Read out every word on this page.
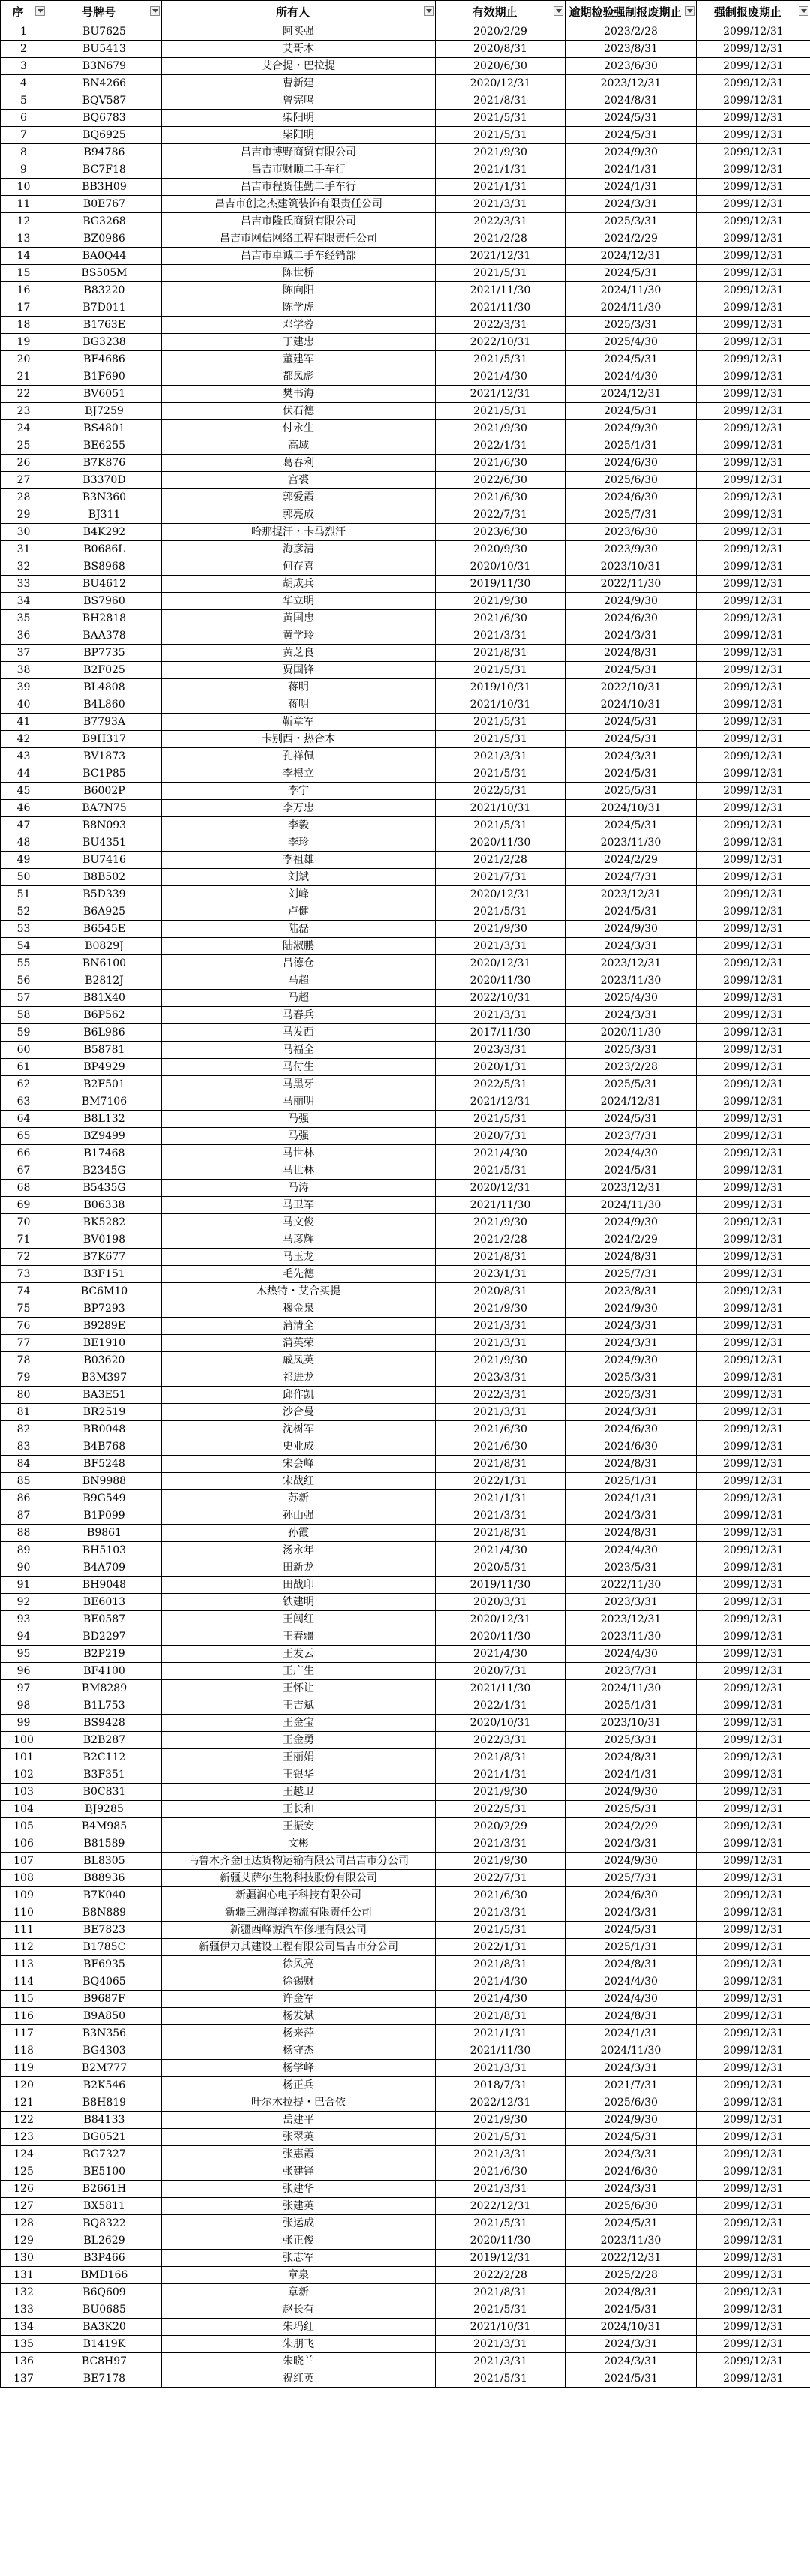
序	号牌号	所有人	有效期止	逾期检验强制报废期止	强制报废期止

1	BU7625	阿买强	2020/2/29	2023/2/28	2099/12/31
2	BU5413	艾哥木	2020/8/31	2023/8/31	2099/12/31
3	B3N679	艾合提・巴拉提	2020/6/30	2023/6/30	2099/12/31
4	BN4266	曹新建	2020/12/31	2023/12/31	2099/12/31
5	BQV587	曾宪鸣	2021/8/31	2024/8/31	2099/12/31
6	BQ6783	柴阳明	2021/5/31	2024/5/31	2099/12/31
7	BQ6925	柴阳明	2021/5/31	2024/5/31	2099/12/31
8	B94786	昌吉市博野商贸有限公司	2021/9/30	2024/9/30	2099/12/31
9	BC7F18	昌吉市财顺二手车行	2021/1/31	2024/1/31	2099/12/31
10	BB3H09	昌吉市程货佳勤二手车行	2021/1/31	2024/1/31	2099/12/31
11	B0E767	昌吉市创之杰建筑装饰有限责任公司	2021/3/31	2024/3/31	2099/12/31
12	BG3268	昌吉市隆氏商贸有限公司	2022/3/31	2025/3/31	2099/12/31
13	BZ0986	昌吉市网信网络工程有限责任公司	2021/2/28	2024/2/29	2099/12/31
14	BA0Q44	昌吉市卓诚二手车经销部	2021/12/31	2024/12/31	2099/12/31
15	BS505M	陈世桥	2021/5/31	2024/5/31	2099/12/31
16	B83220	陈向阳	2021/11/30	2024/11/30	2099/12/31
17	B7D011	陈学虎	2021/11/30	2024/11/30	2099/12/31
18	B1763E	邓学蓉	2022/3/31	2025/3/31	2099/12/31
19	BG3238	丁建忠	2022/10/31	2025/4/30	2099/12/31
20	BF4686	董建军	2021/5/31	2024/5/31	2099/12/31
21	B1F690	都凤彪	2021/4/30	2024/4/30	2099/12/31
22	BV6051	樊书海	2021/12/31	2024/12/31	2099/12/31
23	BJ7259	伏石德	2021/5/31	2024/5/31	2099/12/31
24	BS4801	付永生	2021/9/30	2024/9/30	2099/12/31
25	BE6255	高域	2022/1/31	2025/1/31	2099/12/31
26	B7K876	葛春利	2021/6/30	2024/6/30	2099/12/31
27	B3370D	宫裘	2022/6/30	2025/6/30	2099/12/31
28	B3N360	郭爱霞	2021/6/30	2024/6/30	2099/12/31
29	BJ311	郭亮成	2022/7/31	2025/7/31	2099/12/31
30	B4K292	哈那提汗・卡马烈汗	2023/6/30	2023/6/30	2099/12/31
31	B0686L	海彦清	2020/9/30	2023/9/30	2099/12/31
32	BS8968	何存喜	2020/10/31	2023/10/31	2099/12/31
33	BU4612	胡成兵	2019/11/30	2022/11/30	2099/12/31
34	BS7960	华立明	2021/9/30	2024/9/30	2099/12/31
35	BH2818	黄国忠	2021/6/30	2024/6/30	2099/12/31
36	BAA378	黄学玲	2021/3/31	2024/3/31	2099/12/31
37	BP7735	黄芝良	2021/8/31	2024/8/31	2099/12/31
38	B2F025	贾国锋	2021/5/31	2024/5/31	2099/12/31
39	BL4808	蒋明	2019/10/31	2022/10/31	2099/12/31
40	B4L860	蒋明	2021/10/31	2024/10/31	2099/12/31
41	B7793A	靳章军	2021/5/31	2024/5/31	2099/12/31
42	B9H317	卡别西・热合木	2021/5/31	2024/5/31	2099/12/31
43	BV1873	孔祥佩	2021/3/31	2024/3/31	2099/12/31
44	BC1P85	李根立	2021/5/31	2024/5/31	2099/12/31
45	B6002P	李宁	2022/5/31	2025/5/31	2099/12/31
46	BA7N75	李万忠	2021/10/31	2024/10/31	2099/12/31
47	B8N093	李毅	2021/5/31	2024/5/31	2099/12/31
48	BU4351	李珍	2020/11/30	2023/11/30	2099/12/31
49	BU7416	李祖雄	2021/2/28	2024/2/29	2099/12/31
50	B8B502	刘斌	2021/7/31	2024/7/31	2099/12/31
51	B5D339	刘峰	2020/12/31	2023/12/31	2099/12/31
52	B6A925	卢健	2021/5/31	2024/5/31	2099/12/31
53	B6545E	陆磊	2021/9/30	2024/9/30	2099/12/31
54	B0829J	陆淑鹏	2021/3/31	2024/3/31	2099/12/31
55	BN6100	吕德仓	2020/12/31	2023/12/31	2099/12/31
56	B2812J	马超	2020/11/30	2023/11/30	2099/12/31
57	B81X40	马超	2022/10/31	2025/4/30	2099/12/31
58	B6P562	马春兵	2021/3/31	2024/3/31	2099/12/31
59	B6L986	马发西	2017/11/30	2020/11/30	2099/12/31
60	B58781	马福全	2023/3/31	2025/3/31	2099/12/31
61	BP4929	马付生	2020/1/31	2023/2/28	2099/12/31
62	B2F501	马黑牙	2022/5/31	2025/5/31	2099/12/31
63	BM7106	马丽明	2021/12/31	2024/12/31	2099/12/31
64	B8L132	马强	2021/5/31	2024/5/31	2099/12/31
65	BZ9499	马强	2020/7/31	2023/7/31	2099/12/31
66	B17468	马世林	2021/4/30	2024/4/30	2099/12/31
67	B2345G	马世林	2021/5/31	2024/5/31	2099/12/31
68	B5435G	马涛	2020/12/31	2023/12/31	2099/12/31
69	B06338	马卫军	2021/11/30	2024/11/30	2099/12/31
70	BK5282	马文俊	2021/9/30	2024/9/30	2099/12/31
71	BV0198	马彦辉	2021/2/28	2024/2/29	2099/12/31
72	B7K677	马玉龙	2021/8/31	2024/8/31	2099/12/31
73	B3F151	毛先德	2023/1/31	2025/7/31	2099/12/31
74	BC6M10	木热特・艾合买提	2020/8/31	2023/8/31	2099/12/31
75	BP7293	穆金泉	2021/9/30	2024/9/30	2099/12/31
76	B9289E	蒲清全	2021/3/31	2024/3/31	2099/12/31
77	BE1910	蒲英荣	2021/3/31	2024/3/31	2099/12/31
78	B03620	戚凤英	2021/9/30	2024/9/30	2099/12/31
79	B3M397	祁进龙	2023/3/31	2025/3/31	2099/12/31
80	BA3E51	邱作凯	2022/3/31	2025/3/31	2099/12/31
81	BR2519	沙合曼	2021/3/31	2024/3/31	2099/12/31
82	BR0048	沈树军	2021/6/30	2024/6/30	2099/12/31
83	B4B768	史业成	2021/6/30	2024/6/30	2099/12/31
84	BF5248	宋会峰	2021/8/31	2024/8/31	2099/12/31
85	BN9988	宋战红	2022/1/31	2025/1/31	2099/12/31
86	B9G549	苏新	2021/1/31	2024/1/31	2099/12/31
87	B1P099	孙山强	2021/3/31	2024/3/31	2099/12/31
88	B9861	孙霞	2021/8/31	2024/8/31	2099/12/31
89	BH5103	汤永年	2021/4/30	2024/4/30	2099/12/31
90	B4A709	田新龙	2020/5/31	2023/5/31	2099/12/31
91	BH9048	田战印	2019/11/30	2022/11/30	2099/12/31
92	BE6013	铁建明	2020/3/31	2023/3/31	2099/12/31
93	BE0587	王闯红	2020/12/31	2023/12/31	2099/12/31
94	BD2297	王春疆	2020/11/30	2023/11/30	2099/12/31
95	B2P219	王发云	2021/4/30	2024/4/30	2099/12/31
96	BF4100	王广生	2020/7/31	2023/7/31	2099/12/31
97	BM8289	王怀让	2021/11/30	2024/11/30	2099/12/31
98	B1L753	王吉斌	2022/1/31	2025/1/31	2099/12/31
99	BS9428	王金宝	2020/10/31	2023/10/31	2099/12/31
100	B2B287	王金勇	2022/3/31	2025/3/31	2099/12/31
101	B2C112	王丽娟	2021/8/31	2024/8/31	2099/12/31
102	B3F351	王银华	2021/1/31	2024/1/31	2099/12/31
103	B0C831	王越卫	2021/9/30	2024/9/30	2099/12/31
104	BJ9285	王长和	2022/5/31	2025/5/31	2099/12/31
105	B4M985	王振安	2020/2/29	2024/2/29	2099/12/31
106	B81589	文彬	2021/3/31	2024/3/31	2099/12/31
107	BL8305	乌鲁木齐金旺达货物运输有限公司昌吉市分公司	2021/9/30	2024/9/30	2099/12/31
108	B88936	新疆艾萨尔生物科技股份有限公司	2022/7/31	2025/7/31	2099/12/31
109	B7K040	新疆润心电子科技有限公司	2021/6/30	2024/6/30	2099/12/31
110	B8N889	新疆三洲海洋物流有限责任公司	2021/3/31	2024/3/31	2099/12/31
111	BE7823	新疆西峰源汽车修理有限公司	2021/5/31	2024/5/31	2099/12/31
112	B1785C	新疆伊力其建设工程有限公司昌吉市分公司	2022/1/31	2025/1/31	2099/12/31
113	BF6935	徐风亮	2021/8/31	2024/8/31	2099/12/31
114	BQ4065	徐锡财	2021/4/30	2024/4/30	2099/12/31
115	B9687F	许金军	2021/4/30	2024/4/30	2099/12/31
116	B9A850	杨发斌	2021/8/31	2024/8/31	2099/12/31
117	B3N356	杨来萍	2021/1/31	2024/1/31	2099/12/31
118	BG4303	杨守杰	2021/11/30	2024/11/30	2099/12/31
119	B2M777	杨学峰	2021/3/31	2024/3/31	2099/12/31
120	B2K546	杨正兵	2018/7/31	2021/7/31	2099/12/31
121	B8H819	叶尔木拉提・巴合依	2022/12/31	2025/6/30	2099/12/31
122	B84133	岳建平	2021/9/30	2024/9/30	2099/12/31
123	BG0521	张翠英	2021/5/31	2024/5/31	2099/12/31
124	BG7327	张惠霞	2021/3/31	2024/3/31	2099/12/31
125	BE5100	张建铎	2021/6/30	2024/6/30	2099/12/31
126	B2661H	张建华	2021/3/31	2024/3/31	2099/12/31
127	BX5811	张建英	2022/12/31	2025/6/30	2099/12/31
128	BQ8322	张运成	2021/5/31	2024/5/31	2099/12/31
129	BL2629	张正俊	2020/11/30	2023/11/30	2099/12/31
130	B3P466	张志军	2019/12/31	2022/12/31	2099/12/31
131	BMD166	章泉	2022/2/28	2025/2/28	2099/12/31
132	B6Q609	章新	2021/8/31	2024/8/31	2099/12/31
133	BU0685	赵长有	2021/5/31	2024/5/31	2099/12/31
134	BA3K20	朱玛红	2021/10/31	2024/10/31	2099/12/31
135	B1419K	朱朋飞	2021/3/31	2024/3/31	2099/12/31
136	BC8H97	朱晓兰	2021/3/31	2024/3/31	2099/12/31
137	BE7178	祝红英	2021/5/31	2024/5/31	2099/12/31
